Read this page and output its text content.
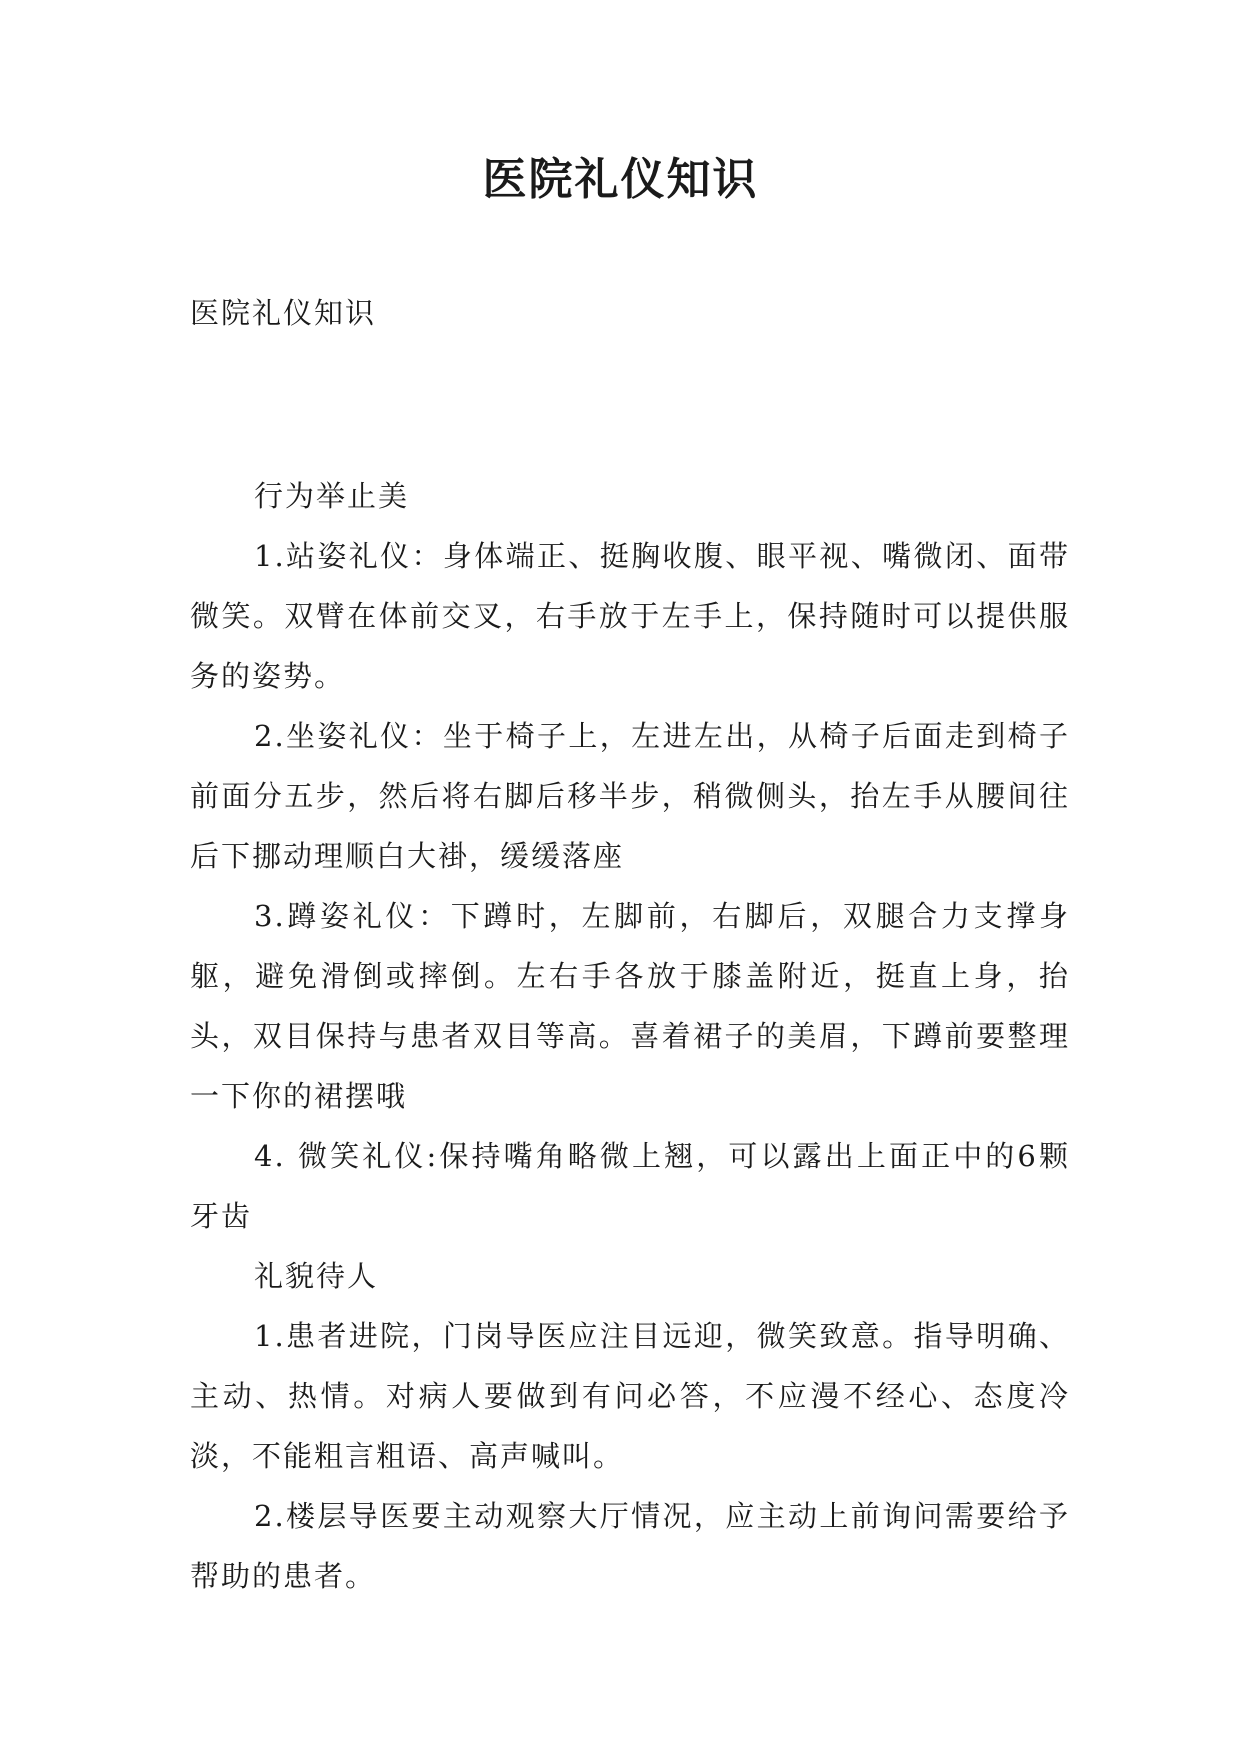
医院礼仪知识

医院礼仪知识

行为举止美

1.站姿礼仪：身体端正、挺胸收腹、眼平视、嘴微闭、面带微笑。双臂在体前交叉，右手放于左手上，保持随时可以提供服务的姿势。

2.坐姿礼仪：坐于椅子上，左进左出，从椅子后面走到椅子前面分五步，然后将右脚后移半步，稍微侧头，抬左手从腰间往后下挪动理顺白大褂，缓缓落座

3.蹲姿礼仪：下蹲时，左脚前，右脚后，双腿合力支撑身躯，避免滑倒或摔倒。左右手各放于膝盖附近，挺直上身，抬头，双目保持与患者双目等高。喜着裙子的美眉，下蹲前要整理一下你的裙摆哦

4. 微笑礼仪:保持嘴角略微上翘，可以露出上面正中的6颗牙齿

礼貌待人

1.患者进院，门岗导医应注目远迎，微笑致意。指导明确、主动、热情。对病人要做到有问必答，不应漫不经心、态度冷淡，不能粗言粗语、高声喊叫。

2.楼层导医要主动观察大厅情况，应主动上前询问需要给予帮助的患者。
